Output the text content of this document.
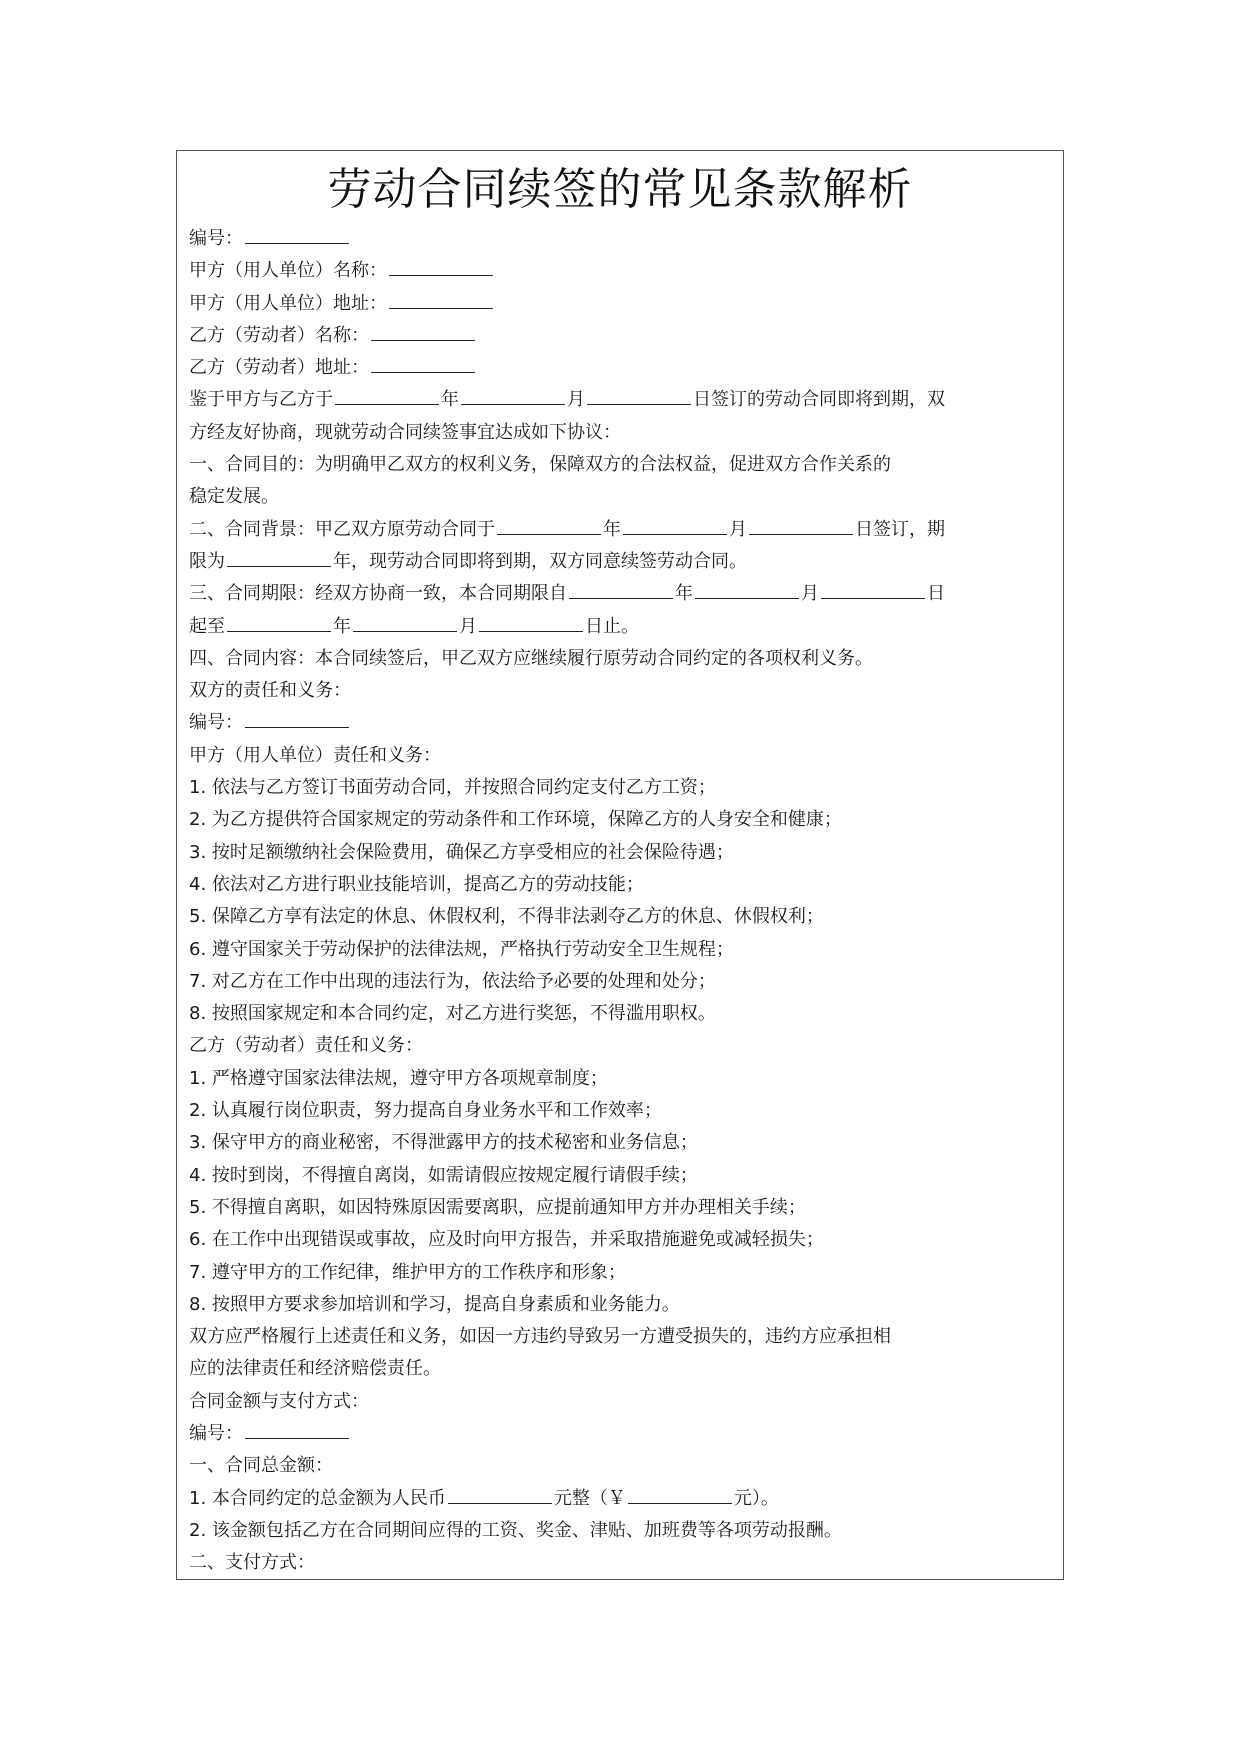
劳动合同续签的常见条款解析
编号：
甲方（用人单位）名称：
甲方（用人单位）地址：
乙方（劳动者）名称：
乙方（劳动者）地址：
鉴于甲方与乙方于	年	月	日签订的劳动合同即将到期，双
方经友好协商，现就劳动合同续签事宜达成如下协议：
一、合同目的：为明确甲乙双方的权利义务，保障双方的合法权益，促进双方合作关系的
稳定发展。
二、合同背景：甲乙双方原劳动合同于	年	月	日签订，期
限为	年，现劳动合同即将到期，双方同意续签劳动合同。
三、合同期限：经双方协商一致，本合同期限自	年	月	日
起至	年	月	日止。
四、合同内容：本合同续签后，甲乙双方应继续履行原劳动合同约定的各项权利义务。
双方的责任和义务：
编号：
甲方（用人单位）责任和义务：
1. 依法与乙方签订书面劳动合同，并按照合同约定支付乙方工资；
2. 为乙方提供符合国家规定的劳动条件和工作环境，保障乙方的人身安全和健康；
3. 按时足额缴纳社会保险费用，确保乙方享受相应的社会保险待遇；
4. 依法对乙方进行职业技能培训，提高乙方的劳动技能；
5. 保障乙方享有法定的休息、休假权利，不得非法剥夺乙方的休息、休假权利；
6. 遵守国家关于劳动保护的法律法规，严格执行劳动安全卫生规程；
7. 对乙方在工作中出现的违法行为，依法给予必要的处理和处分；
8. 按照国家规定和本合同约定，对乙方进行奖惩，不得滥用职权。
乙方（劳动者）责任和义务：
1. 严格遵守国家法律法规，遵守甲方各项规章制度；
2. 认真履行岗位职责，努力提高自身业务水平和工作效率；
3. 保守甲方的商业秘密，不得泄露甲方的技术秘密和业务信息；
4. 按时到岗，不得擅自离岗，如需请假应按规定履行请假手续；
5. 不得擅自离职，如因特殊原因需要离职，应提前通知甲方并办理相关手续；
6. 在工作中出现错误或事故，应及时向甲方报告，并采取措施避免或减轻损失；
7. 遵守甲方的工作纪律，维护甲方的工作秩序和形象；
8. 按照甲方要求参加培训和学习，提高自身素质和业务能力。
双方应严格履行上述责任和义务，如因一方违约导致另一方遭受损失的，违约方应承担相
应的法律责任和经济赔偿责任。
合同金额与支付方式：
编号：
一、合同总金额：
1. 本合同约定的总金额为人民币	元整（￥	元）。
2. 该金额包括乙方在合同期间应得的工资、奖金、津贴、加班费等各项劳动报酬。
二、支付方式：
